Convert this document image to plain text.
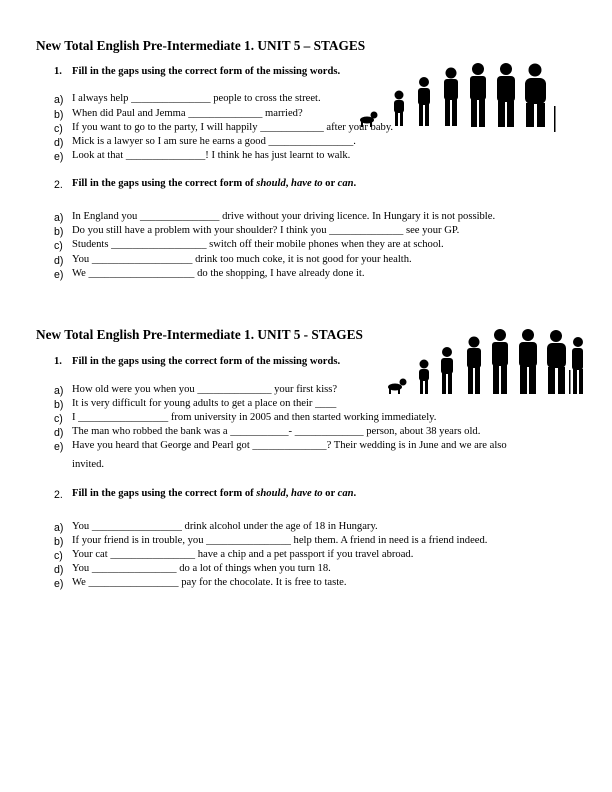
New Total English Pre-Intermediate 1. UNIT 5 – STAGES
1. Fill in the gaps using the correct form of the missing words.
a) I always help _______________ people to cross the street.
b) When did Paul and Jemma ______________ married?
c) If you want to go to the party, I will happily ____________ after your baby.
d) Mick is a lawyer so I am sure he earns a good ________________.
e) Look at that _______________! I think he has just learnt to walk.
2. Fill in the gaps using the correct form of should, have to or can.
a) In England you _______________ drive without your driving licence. In Hungary it is not possible.
b) Do you still have a problem with your shoulder? I think you ______________ see your GP.
c) Students __________________ switch off their mobile phones when they are at school.
d) You ___________________ drink too much coke, it is not good for your health.
e) We ____________________ do the shopping, I have already done it.
New Total English Pre-Intermediate 1. UNIT 5 - STAGES
1. Fill in the gaps using the correct form of the missing words.
a) How old were you when you ______________ your first kiss?
b) It is very difficult for young adults to get a place on their ____
c) I _________________ from university in 2005 and then started working immediately.
d) The man who robbed the bank was a ___________- _____________ person, about 38 years old.
e) Have you heard that George and Pearl got ______________? Their wedding is in June and we are also
invited.
2. Fill in the gaps using the correct form of should, have to or can.
a) You _________________ drink alcohol under the age of 18 in Hungary.
b) If your friend is in trouble, you ________________ help them. A friend in need is a friend indeed.
c) Your cat ________________ have a chip and a pet passport if you travel abroad.
d) You ________________ do a lot of things when you turn 18.
e) We _________________ pay for the chocolate. It is free to taste.
